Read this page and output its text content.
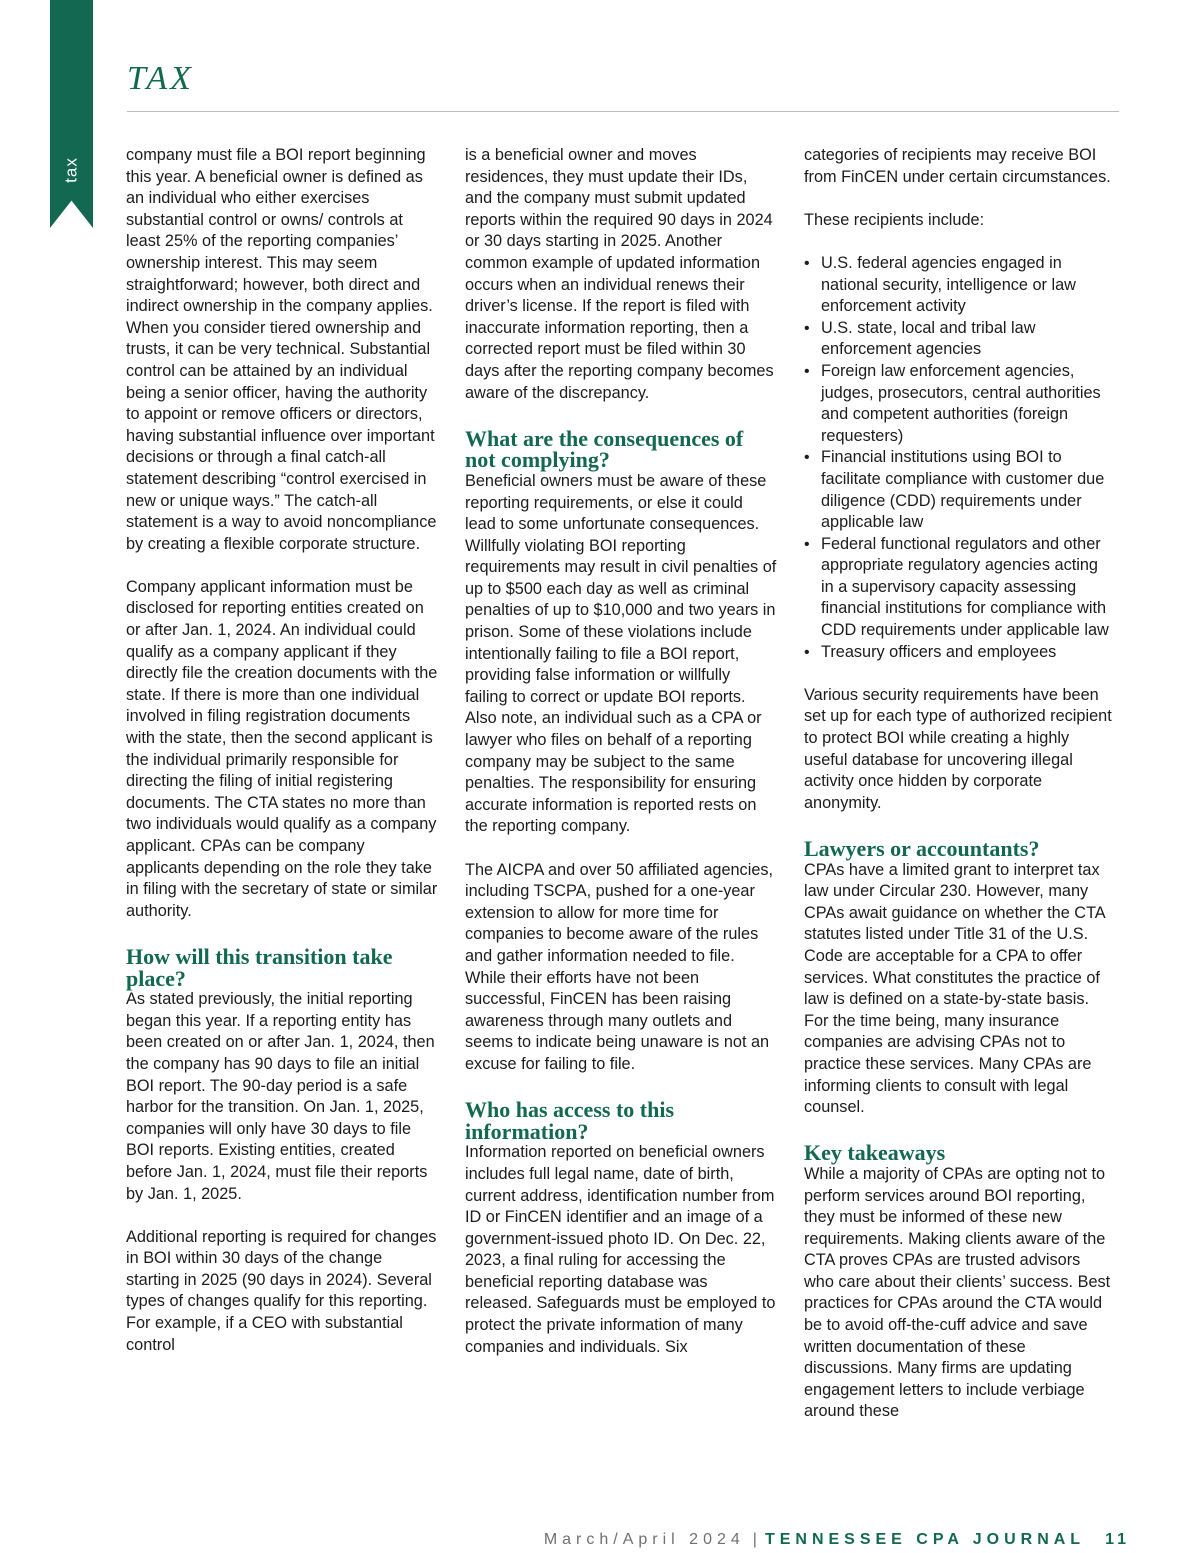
tax
TAX

company must file a BOI report beginning this year. A beneficial owner is defined as an individual who either exercises substantial control or owns/ controls at least 25% of the reporting companies’ ownership interest. This may seem straightforward; however, both direct and indirect ownership in the company applies. When you consider tiered ownership and trusts, it can be very technical. Substantial control can be attained by an individual being a senior officer, having the authority to appoint or remove officers or directors, having substantial influence over important decisions or through a final catch-all statement describing “control exercised in new or unique ways.” The catch-all statement is a way to avoid noncompliance by creating a flexible corporate structure.

Company applicant information must be disclosed for reporting entities created on or after Jan. 1, 2024. An individual could qualify as a company applicant if they directly file the creation documents with the state. If there is more than one individual involved in filing registration documents with the state, then the second applicant is the individual primarily responsible for directing the filing of initial registering documents. The CTA states no more than two individuals would qualify as a company applicant. CPAs can be company applicants depending on the role they take in filing with the secretary of state or similar authority.

How will this transition take place?

As stated previously, the initial reporting began this year. If a reporting entity has been created on or after Jan. 1, 2024, then the company has 90 days to file an initial BOI report. The 90-day period is a safe harbor for the transition. On Jan. 1, 2025, companies will only have 30 days to file BOI reports. Existing entities, created before Jan. 1, 2024, must file their reports by Jan. 1, 2025.

Additional reporting is required for changes in BOI within 30 days of the change starting in 2025 (90 days in 2024). Several types of changes qualify for this reporting. For example, if a CEO with substantial control

is a beneficial owner and moves residences, they must update their IDs, and the company must submit updated reports within the required 90 days in 2024 or 30 days starting in 2025. Another common example of updated information occurs when an individual renews their driver’s license. If the report is filed with inaccurate information reporting, then a corrected report must be filed within 30 days after the reporting company becomes aware of the discrepancy.

What are the consequences of not complying?

Beneficial owners must be aware of these reporting requirements, or else it could lead to some unfortunate consequences. Willfully violating BOI reporting requirements may result in civil penalties of up to $500 each day as well as criminal penalties of up to $10,000 and two years in prison. Some of these violations include intentionally failing to file a BOI report, providing false information or willfully failing to correct or update BOI reports. Also note, an individual such as a CPA or lawyer who files on behalf of a reporting company may be subject to the same penalties. The responsibility for ensuring accurate information is reported rests on the reporting company.

The AICPA and over 50 affiliated agencies, including TSCPA, pushed for a one-year extension to allow for more time for companies to become aware of the rules and gather information needed to file. While their efforts have not been successful, FinCEN has been raising awareness through many outlets and seems to indicate being unaware is not an excuse for failing to file.

Who has access to this information?

Information reported on beneficial owners includes full legal name, date of birth, current address, identification number from ID or FinCEN identifier and an image of a government-issued photo ID. On Dec. 22, 2023, a final ruling for accessing the beneficial reporting database was released. Safeguards must be employed to protect the private information of many companies and individuals. Six

categories of recipients may receive BOI from FinCEN under certain circumstances.

These recipients include:

• U.S. federal agencies engaged in national security, intelligence or law enforcement activity
• U.S. state, local and tribal law enforcement agencies
• Foreign law enforcement agencies, judges, prosecutors, central authorities and competent authorities (foreign requesters)
• Financial institutions using BOI to facilitate compliance with customer due diligence (CDD) requirements under applicable law
• Federal functional regulators and other appropriate regulatory agencies acting in a supervisory capacity assessing financial institutions for compliance with CDD requirements under applicable law
• Treasury officers and employees

Various security requirements have been set up for each type of authorized recipient to protect BOI while creating a highly useful database for uncovering illegal activity once hidden by corporate anonymity.

Lawyers or accountants?

CPAs have a limited grant to interpret tax law under Circular 230. However, many CPAs await guidance on whether the CTA statutes listed under Title 31 of the U.S. Code are acceptable for a CPA to offer services. What constitutes the practice of law is defined on a state-by-state basis. For the time being, many insurance companies are advising CPAs not to practice these services. Many CPAs are informing clients to consult with legal counsel.

Key takeaways

While a majority of CPAs are opting not to perform services around BOI reporting, they must be informed of these new requirements. Making clients aware of the CTA proves CPAs are trusted advisors who care about their clients’ success. Best practices for CPAs around the CTA would be to avoid off-the-cuff advice and save written documentation of these discussions. Many firms are updating engagement letters to include verbiage around these

March/April 2024 | TENNESSEE CPA JOURNAL 11
